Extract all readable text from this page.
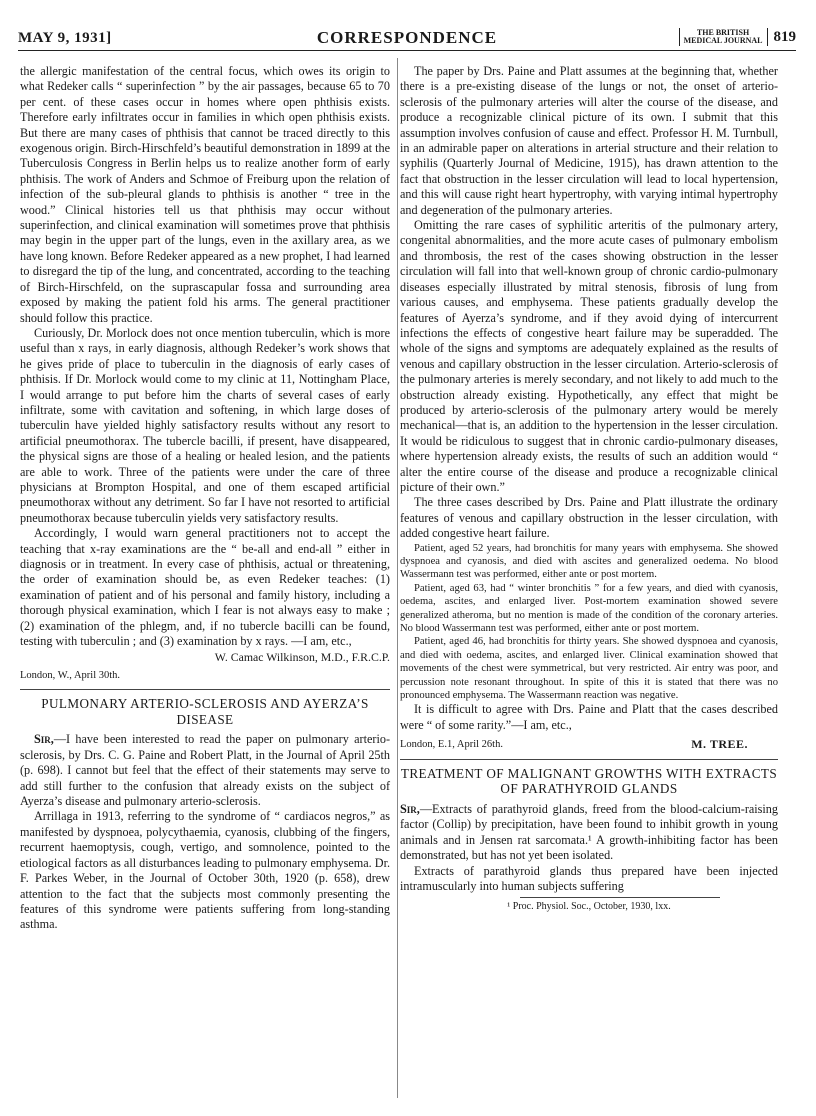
MAY 9, 1931]	CORRESPONDENCE	THE BRITISH
MEDICAL JOURNAL 819

the allergic manifestation of the central focus, which owes its origin to what Redeker calls “ superinfection ” by the air passages, because 65 to 70 per cent. of these cases occur in homes where open phthisis exists. Therefore early infiltrates occur in families in which open phthisis exists. But there are many cases of phthisis that cannot be traced directly to this exogenous origin. Birch-Hirschfeld’s beautiful demonstration in 1899 at the Tuberculosis Congress in Berlin helps us to realize another form of early phthisis. The work of Anders and Schmoe of Freiburg upon the relation of infection of the sub-pleural glands to phthisis is another “ tree in the wood.” Clinical histories tell us that phthisis may occur without superinfection, and clinical examination will sometimes prove that phthisis may begin in the upper part of the lungs, even in the axillary area, as we have long known. Before Redeker appeared as a new prophet, I had learned to disregard the tip of the lung, and concentrated, according to the teaching of Birch-Hirschfeld, on the suprascapular fossa and surrounding area exposed by making the patient fold his arms. The general practitioner should follow this practice.

Curiously, Dr. Morlock does not once mention tuberculin, which is more useful than x rays, in early diagnosis, although Redeker’s work shows that he gives pride of place to tuberculin in the diagnosis of early cases of phthisis. If Dr. Morlock would come to my clinic at 11, Nottingham Place, I would arrange to put before him the charts of several cases of early infiltrate, some with cavitation and softening, in which large doses of tuberculin have yielded highly satisfactory results without any resort to artificial pneumothorax. The tubercle bacilli, if present, have disappeared, the physical signs are those of a healing or healed lesion, and the patients are able to work. Three of the patients were under the care of three physicians at Brompton Hospital, and one of them escaped artificial pneumothorax without any detriment. So far I have not resorted to artificial pneumothorax because tuberculin yields very satisfactory results.

Accordingly, I would warn general practitioners not to accept the teaching that x-ray examinations are the “ be-all and end-all ” either in diagnosis or in treatment. In every case of phthisis, actual or threatening, the order of examination should be, as even Redeker teaches: (1) examination of patient and of his personal and family history, including a thorough physical examination, which I fear is not always easy to make ; (2) examination of the phlegm, and, if no tubercle bacilli can be found, testing with tuberculin ; and (3) examination by x rays. —I am, etc.,

W. Camac Wilkinson, M.D., F.R.C.P.
London, W., April 30th.
PULMONARY ARTERIO-SCLEROSIS AND AYERZA’S DISEASE

Sir,—I have been interested to read the paper on pulmonary arterio-sclerosis, by Drs. C. G. Paine and Robert Platt, in the Journal of April 25th (p. 698). I cannot but feel that the effect of their statements may serve to add still further to the confusion that already exists on the subject of Ayerza’s disease and pulmonary arterio-sclerosis.

Arrillaga in 1913, referring to the syndrome of “ cardiacos negros,” as manifested by dyspnoea, polycythaemia, cyanosis, clubbing of the fingers, recurrent haemoptysis, cough, vertigo, and somnolence, pointed to the etiological factors as all disturbances leading to pulmonary emphysema. Dr. F. Parkes Weber, in the Journal of October 30th, 1920 (p. 658), drew attention to the fact that the subjects most commonly presenting the features of this syndrome were patients suffering from long-standing asthma.

The paper by Drs. Paine and Platt assumes at the beginning that, whether there is a pre-existing disease of the lungs or not, the onset of arterio-sclerosis of the pulmonary arteries will alter the course of the disease, and produce a recognizable clinical picture of its own. I submit that this assumption involves confusion of cause and effect. Professor H. M. Turnbull, in an admirable paper on alterations in arterial structure and their relation to syphilis (Quarterly Journal of Medicine, 1915), has drawn attention to the fact that obstruction in the lesser circulation will lead to local hypertension, and this will cause right heart hypertrophy, with varying intimal hypertrophy and degeneration of the pulmonary arteries.

Omitting the rare cases of syphilitic arteritis of the pulmonary artery, congenital abnormalities, and the more acute cases of pulmonary embolism and thrombosis, the rest of the cases showing obstruction in the lesser circulation will fall into that well-known group of chronic cardio-pulmonary diseases especially illustrated by mitral stenosis, fibrosis of lung from various causes, and emphysema. These patients gradually develop the features of Ayerza’s syndrome, and if they avoid dying of intercurrent infections the effects of congestive heart failure may be superadded. The whole of the signs and symptoms are adequately explained as the results of venous and capillary obstruction in the lesser circulation. Arterio-sclerosis of the pulmonary arteries is merely secondary, and not likely to add much to the obstruction already existing. Hypothetically, any effect that might be produced by arterio-sclerosis of the pulmonary artery would be merely mechanical—that is, an addition to the hypertension in the lesser circulation. It would be ridiculous to suggest that in chronic cardio-pulmonary diseases, where hypertension already exists, the results of such an addition would “ alter the entire course of the disease and produce a recognizable clinical picture of their own.”

The three cases described by Drs. Paine and Platt illustrate the ordinary features of venous and capillary obstruction in the lesser circulation, with added congestive heart failure.

Patient, aged 52 years, had bronchitis for many years with emphysema. She showed dyspnoea and cyanosis, and died with ascites and generalized oedema. No blood Wassermann test was performed, either ante or post mortem.

Patient, aged 63, had “ winter bronchitis ” for a few years, and died with cyanosis, oedema, ascites, and enlarged liver. Post-mortem examination showed severe generalized atheroma, but no mention is made of the condition of the coronary arteries. No blood Wassermann test was performed, either ante or post mortem.

Patient, aged 46, had bronchitis for thirty years. She showed dyspnoea and cyanosis, and died with oedema, ascites, and enlarged liver. Clinical examination showed that movements of the chest were symmetrical, but very restricted. Air entry was poor, and percussion note resonant throughout. In spite of this it is stated that there was no pronounced emphysema. The Wassermann reaction was negative.

It is difficult to agree with Drs. Paine and Platt that the cases described were “ of some rarity.”—I am, etc.,

London, E.1, April 26th.	M. TREE.
TREATMENT OF MALIGNANT GROWTHS WITH EXTRACTS OF PARATHYROID GLANDS

Sir,—Extracts of parathyroid glands, freed from the blood-calcium-raising factor (Collip) by precipitation, have been found to inhibit growth in young animals and in Jensen rat sarcomata.¹ A growth-inhibiting factor has been demonstrated, but has not yet been isolated.

Extracts of parathyroid glands thus prepared have been injected intramuscularly into human subjects suffering

¹ Proc. Physiol. Soc., October, 1930, lxx.
